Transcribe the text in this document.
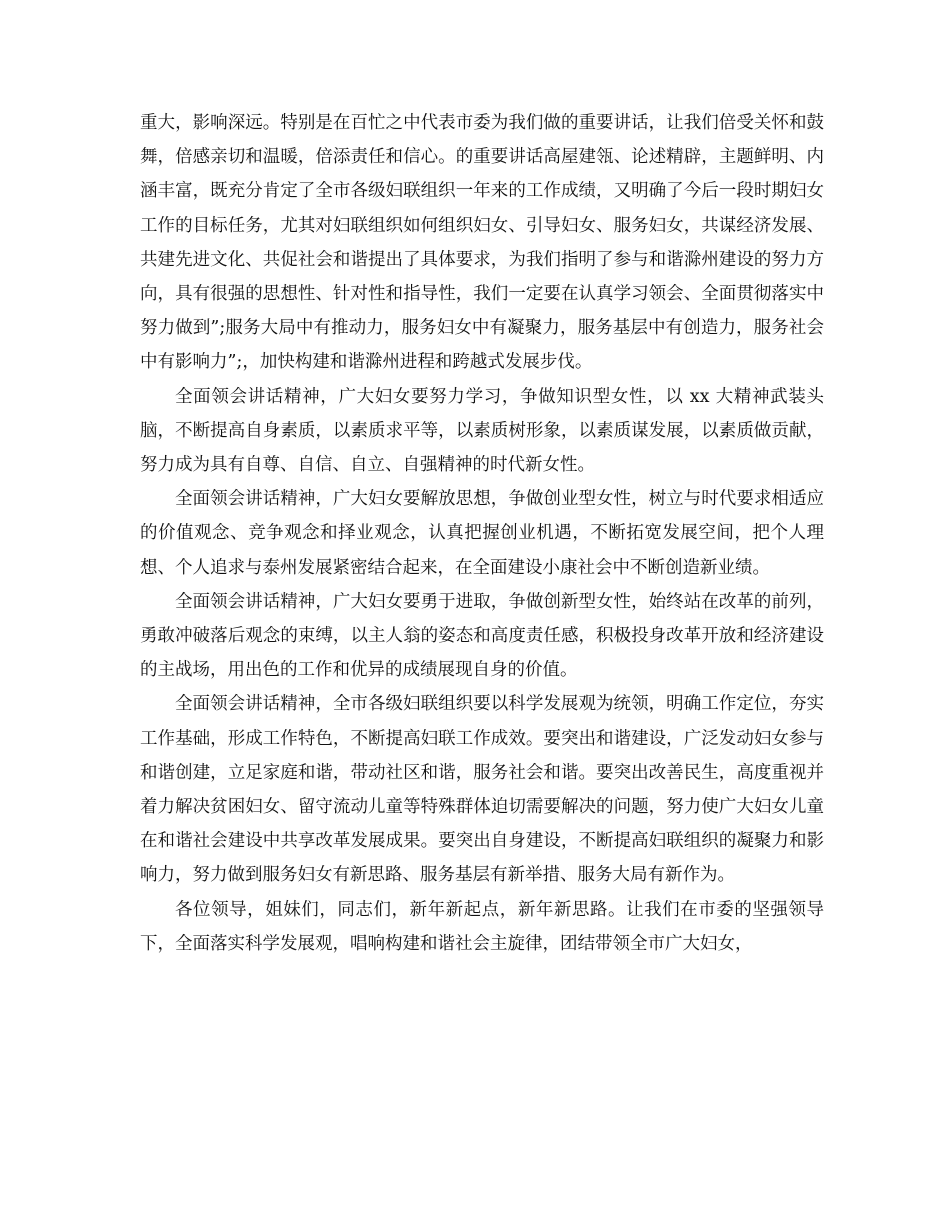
重大，影响深远。特别是在百忙之中代表市委为我们做的重要讲话，让我们倍受关怀和鼓舞，倍感亲切和温暖，倍添责任和信心。的重要讲话高屋建瓴、论述精辟，主题鲜明、内涵丰富，既充分肯定了全市各级妇联组织一年来的工作成绩，又明确了今后一段时期妇女工作的目标任务，尤其对妇联组织如何组织妇女、引导妇女、服务妇女，共谋经济发展、共建先进文化、共促社会和谐提出了具体要求，为我们指明了参与和谐滁州建设的努力方向，具有很强的思想性、针对性和指导性，我们一定要在认真学习领会、全面贯彻落实中努力做到”;服务大局中有推动力，服务妇女中有凝聚力，服务基层中有创造力，服务社会中有影响力”;，加快构建和谐滁州进程和跨越式发展步伐。

全面领会讲话精神，广大妇女要努力学习，争做知识型女性，以 xx 大精神武装头脑，不断提高自身素质，以素质求平等，以素质树形象，以素质谋发展，以素质做贡献，努力成为具有自尊、自信、自立、自强精神的时代新女性。

全面领会讲话精神，广大妇女要解放思想，争做创业型女性，树立与时代要求相适应的价值观念、竞争观念和择业观念，认真把握创业机遇，不断拓宽发展空间，把个人理想、个人追求与泰州发展紧密结合起来，在全面建设小康社会中不断创造新业绩。

全面领会讲话精神，广大妇女要勇于进取，争做创新型女性，始终站在改革的前列，勇敢冲破落后观念的束缚，以主人翁的姿态和高度责任感，积极投身改革开放和经济建设的主战场，用出色的工作和优异的成绩展现自身的价值。

全面领会讲话精神，全市各级妇联组织要以科学发展观为统领，明确工作定位，夯实工作基础，形成工作特色，不断提高妇联工作成效。要突出和谐建设，广泛发动妇女参与和谐创建，立足家庭和谐，带动社区和谐，服务社会和谐。要突出改善民生，高度重视并着力解决贫困妇女、留守流动儿童等特殊群体迫切需要解决的问题，努力使广大妇女儿童在和谐社会建设中共享改革发展成果。要突出自身建设，不断提高妇联组织的凝聚力和影响力，努力做到服务妇女有新思路、服务基层有新举措、服务大局有新作为。

各位领导，姐妹们，同志们，新年新起点，新年新思路。让我们在市委的坚强领导下，全面落实科学发展观，唱响构建和谐社会主旋律，团结带领全市广大妇女，
